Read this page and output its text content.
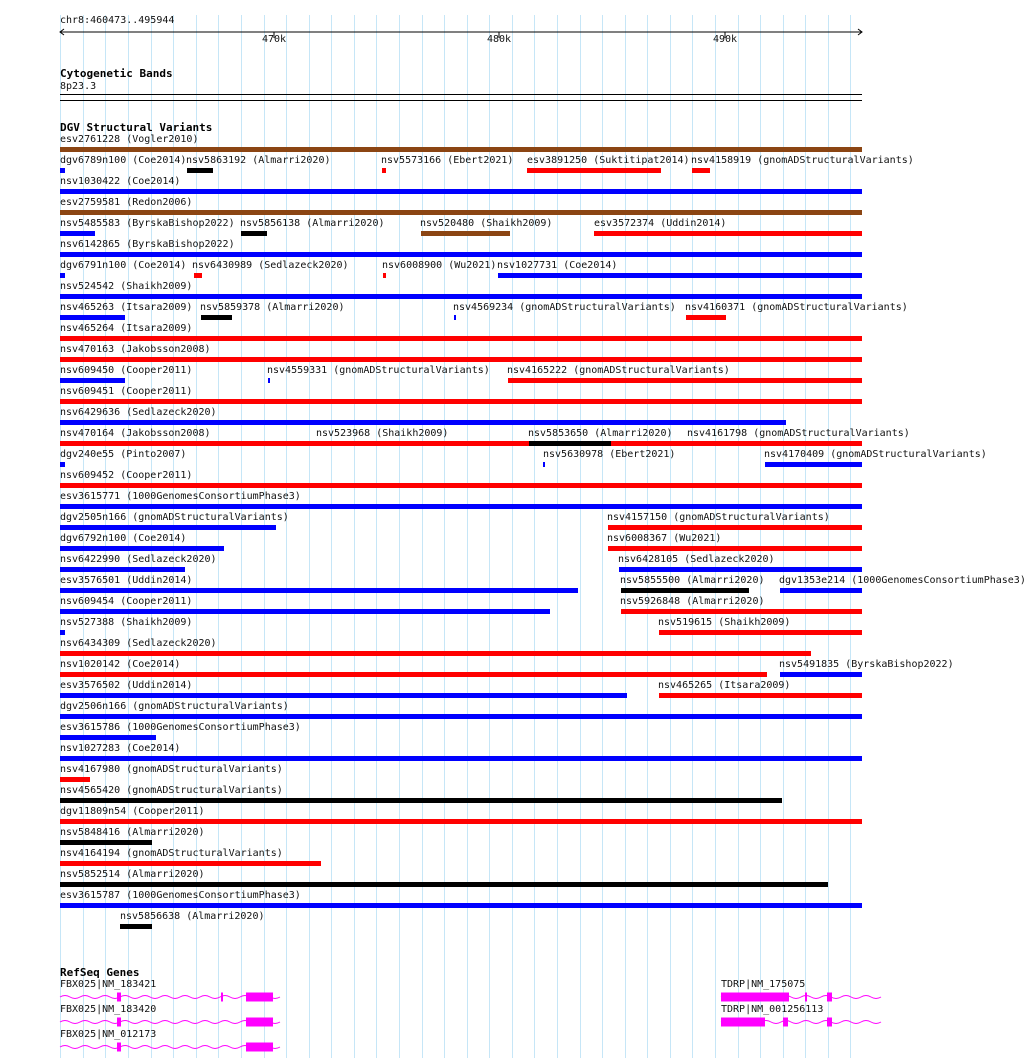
chr8:460473..495944
470k	480k	490k
Cytogenetic Bands
8p23.3
DGV Structural Variants
esv2761228 (Vogler2010)
dgv6789n100 (Coe2014) nsv5863192 (Almarri2020)	nsv5573166 (Ebert2021) esv3891250 (Suktitipat2014) nsv4158919 (gnomADStructuralVariants)
nsv1030422 (Coe2014)
esv2759581 (Redon2006)
nsv5485583 (ByrskaBishop2022) nsv5856138 (Almarri2020)	nsv520480 (Shaikh2009)	esv3572374 (Uddin2014)
nsv6142865 (ByrskaBishop2022)
dgv6791n100 (Coe2014) nsv6430989 (Sedlazeck2020)	nsv6008900 (Wu2021) nsv1027731 (Coe2014)
nsv524542 (Shaikh2009)
nsv465263 (Itsara2009) nsv5859378 (Almarri2020)	nsv4569234 (gnomADStructuralVariants) nsv4160371 (gnomADStructuralVariants)
nsv465264 (Itsara2009)
nsv470163 (Jakobsson2008)
nsv609450 (Cooper2011)	nsv4559331 (gnomADStructuralVariants) nsv4165222 (gnomADStructuralVariants)
nsv609451 (Cooper2011)
nsv6429636 (Sedlazeck2020)
nsv470164 (Jakobsson2008)	nsv523968 (Shaikh2009)	nsv5853650 (Almarri2020) nsv4161798 (gnomADStructuralVariants)
dgv240e55 (Pinto2007)	nsv5630978 (Ebert2021)	nsv4170409 (gnomADStructuralVariants)
nsv609452 (Cooper2011)
esv3615771 (1000GenomesConsortiumPhase3)
dgv2505n166 (gnomADStructuralVariants)	nsv4157150 (gnomADStructuralVariants)
dgv6792n100 (Coe2014)	nsv6008367 (Wu2021)
nsv6422990 (Sedlazeck2020)	nsv6428105 (Sedlazeck2020)
esv3576501 (Uddin2014)	nsv5855500 (Almarri2020) dgv1353e214 (1000GenomesConsortiumPhase3)
nsv609454 (Cooper2011)	nsv5926848 (Almarri2020)
nsv527388 (Shaikh2009)	nsv519615 (Shaikh2009)
nsv6434309 (Sedlazeck2020)
nsv1020142 (Coe2014)	nsv5491835 (ByrskaBishop2022)
esv3576502 (Uddin2014)	nsv465265 (Itsara2009)
dgv2506n166 (gnomADStructuralVariants)
esv3615786 (1000GenomesConsortiumPhase3)
nsv1027283 (Coe2014)
nsv4167980 (gnomADStructuralVariants)
nsv4565420 (gnomADStructuralVariants)
dgv11809n54 (Cooper2011)
nsv5848416 (Almarri2020)
nsv4164194 (gnomADStructuralVariants)
nsv5852514 (Almarri2020)
esv3615787 (1000GenomesConsortiumPhase3)
nsv5856638 (Almarri2020)
RefSeq Genes
FBX025|NM_183421
FBX025|NM_183420
FBX025|NM_012173
TDRP|NM_175075
TDRP|NM_001256113
